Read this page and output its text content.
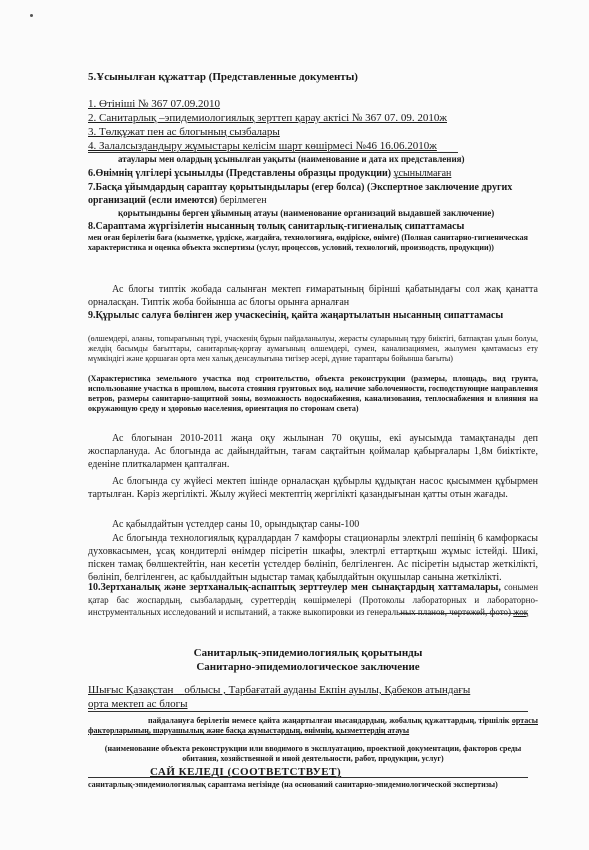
5.Ұсынылған құжаттар (Представленные документы)
1. Өтініші № 367 07.09.2010
2. Санитарлық –эпидемиологиялық зерттеп қарау актісі № 367 07. 09. 2010ж
3. Төлқұжат пен ас блогының сызбалары
4. Залалсыздандыру жұмыстары келісім шарт көшірмесі №46 16.06.2010ж
атаулары мен олардың ұсынылған уақыты (наименование и дата их представления)
6.Өнімнің үлгілері ұсынылды (Представлены образцы продукции) ұсынылмаған
7.Басқа ұйымдардың сараптау қорытындылары (егер болса) (Экспертное заключение других организаций (если имеются) берілмеген
қорытындыны берген ұйымның атауы (наименование организаций выдавшей заключение)
8.Сараптама жүргізілетін нысанның толық санитарлық-гигиеналық сипаттамасы
мен оған берілетін баға (кызметке, үрдіске, жағдайға, технологияға, өндіріске, өнімге) (Полная санитарно-гигиеническая характеристика и оценка объекта экспертизы (услуг, процессов, условий, технологий, производств, продукции))
Ас блогы типтік жобада салынған мектеп ғимаратының бірінші қабатындағы сол жақ қанатта орналасқан. Типтік жоба бойынша ас блогы орынға арналған
9.Құрылыс салуға бөлінген жер учаскесінің, қайта жаңартылатын нысанның сипаттамасы
(өлшемдері, аланы, топырағының түрі, учаскенің бұрын пайдаланылуы, жерасты суларының тұру биіктігі, батпақтан ұлын болуы, желдің басымды бағыттары, санитарлық-қорғау аумағының өлшемдері, сумен, канализациямен, жылумен қамтамасыз ету мүмкіндігі және қоршаған орта мен халық денсаулығына тигізер әсері, дүние тараптары бойынша бағыты)
(Характеристика земельного участка под строительство, объекта реконструкции (размеры, площадь, вид грунта, использование участка в прошлом, высота стояния грунтовых вод, наличие заболоченности, господствующие направления ветров, размеры санитарно-защитной зоны, возможность водоснабжения, канализования, теплоснабжения и влияния на окружающую среду и здоровью населения, ориентация по сторонам света)
Ас блогынан 2010-2011 жаңа оқу жылынан 70 оқушы, екі ауысымда тамақтанады деп жоспарлануда. Ас блогында ас дайындайтын, тағам сақтайтын қоймалар қабырғалары 1,8м биіктікте, еденіне плиткалармен қапталған.
Ас блогында су жүйесі мектеп ішінде орналасқан құбырлы құдықтан насос қысыммен құбырмен тартылған. Кәріз жергілікті. Жылу жүйесі мектептің жергілікті қазандығынан қатты отын жағады.
Ас қабылдайтын үстелдер саны 10, орындықтар саны-100
Ас блогында технологиялық құралдардан 7 камфоры стационарлы электрлі пешінің 6 камфоркасы духовкасымен, ұсақ кондитерлі өнімдер пісіретін шкафы, электрлі еттартқыш жұмыс істейді. Шикі, піскен тамақ бөлшектейтін, нан кесетін үстелдер бөлініп, белгіленген. Ас пісіретін ыдыстар жеткілікті, бөлініп, белгіленген, ас қабылдайтын ыдыстар тамақ қабылдайтын оқушылар санына жеткілікті.
10.Зертханалық және зертханалық-аспаптық зерттеулер мен сынақтардың хаттамалары, сонымен қатар бас жоспардың, сызбалардың, суреттердің көшірмелері (Протоколы лабораторных и лабораторно-инструментальных исследований и испытаний, а также выкопировки из генеральных планов, чертежей, фото) жоқ
Санитарлық-эпидемиологиялық қорытынды
Санитарно-эпидемиологическое заключение
Шығыс Қазақстан облысы , Тарбағатай ауданы Екпін ауылы, Қабеков атындағы
орта мектеп ас блогы
пайдалануға берілетін немесе қайта жаңартылған нысандардың, жобалық құжаттардың, тіршілік ортасы факторларының, шаруашылық және басқа жұмыстардың, өнімнің, қызметтердің атауы
(наименование объекта реконструкции или вводимого в эксплуатацию, проектной документации, факторов среды обитания, хозяйственной и иной деятельности, работ, продукции, услуг)
САЙ КЕЛЕДІ (СООТВЕТСТВУЕТ)
санитарлық-эпидемиологиялық сараптама негізінде (на оснований санитарно-эпидемиологической экспертизы)
